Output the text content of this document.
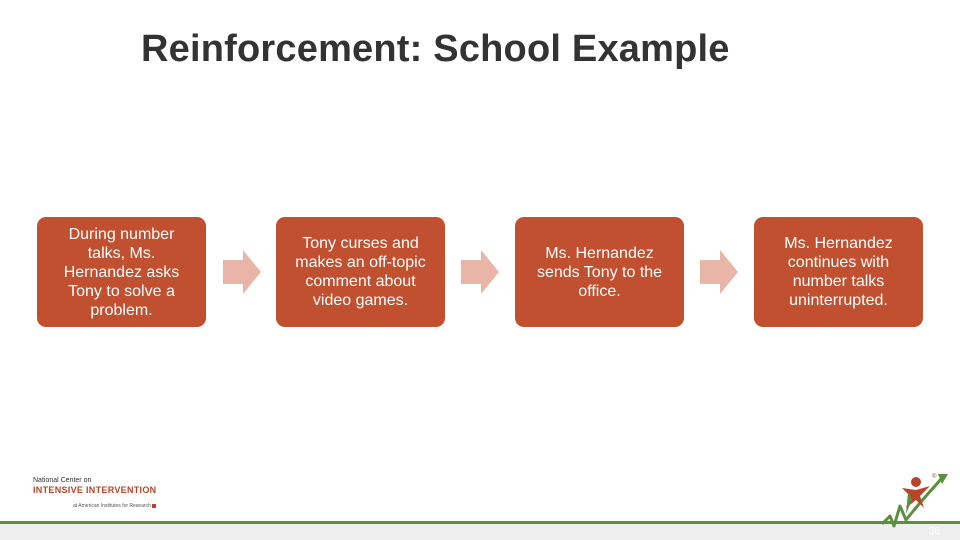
Reinforcement: School Example
During number talks, Ms. Hernandez asks Tony to solve a problem.
Tony curses and makes an off-topic comment about video games.
Ms. Hernandez sends Tony to the office.
Ms. Hernandez continues with number talks uninterrupted.
National Center on
INTENSIVE INTERVENTION
at American Institutes for Research
®
36
